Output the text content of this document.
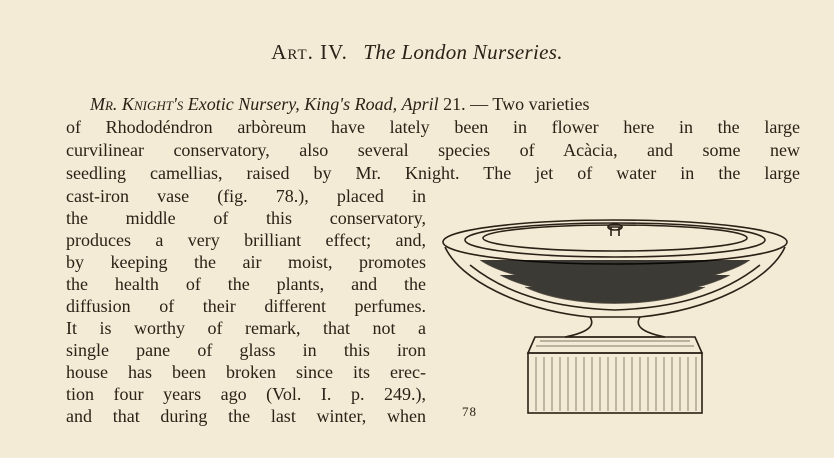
Art. IV. The London Nurseries.
Mr. Knight's Exotic Nursery, King's Road, April 21. — Two varieties
of Rhododéndron arbòreum have lately been in flower here in the large
curvilinear conservatory, also several species of Acàcia, and some new
seedling camellias, raised by Mr. Knight. The jet of water in the large
cast-iron vase (fig. 78.), placed in
the middle of this conservatory,
produces a very brilliant effect; and,
by keeping the air moist, promotes
the health of the plants, and the
diffusion of their different perfumes.
It is worthy of remark, that not a
single pane of glass in this iron
house has been broken since its erec-
tion four years ago (Vol. I. p. 249.),
and that during the last winter, when	78
